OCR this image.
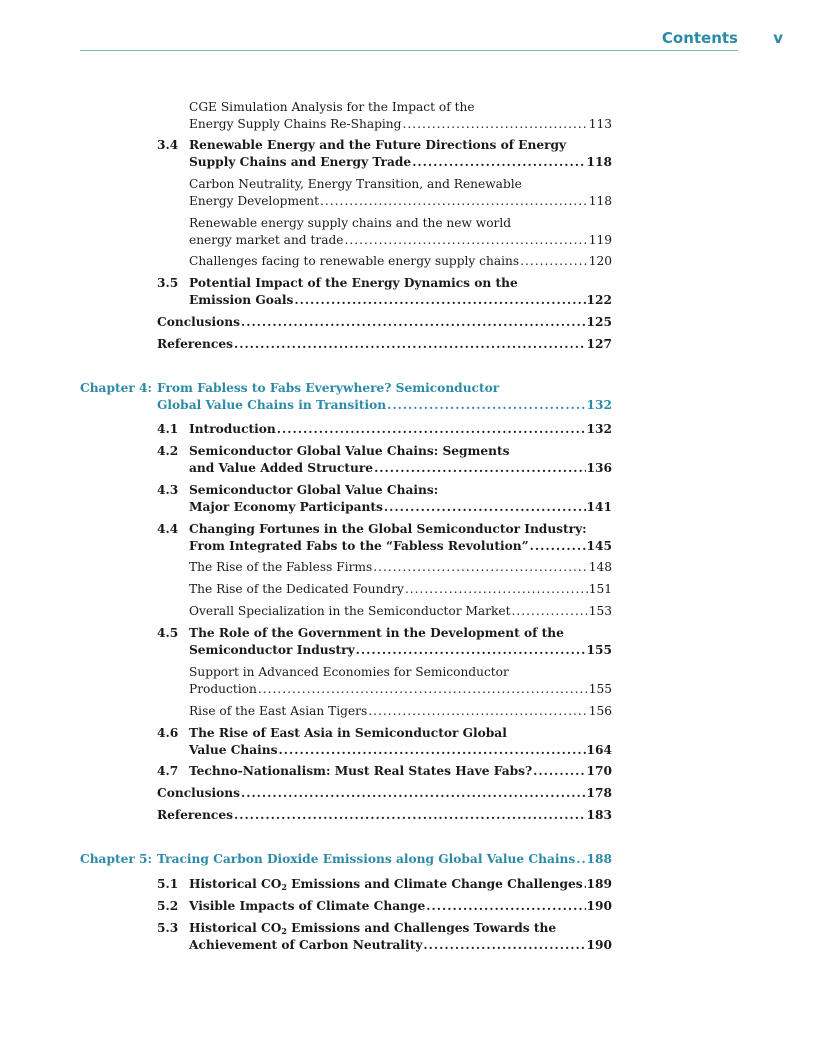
Contents v
CGE Simulation Analysis for the Impact of the
Energy Supply Chains Re-Shaping .....	113
3.4 Renewable Energy and the Future Directions of Energy
Supply Chains and Energy Trade .....	118
Carbon Neutrality, Energy Transition, and Renewable
Energy Development .....	118
Renewable energy supply chains and the new world
energy market and trade .....	119
Challenges facing to renewable energy supply chains .....	120
3.5 Potential Impact of the Energy Dynamics on the
Emission Goals .....	122
Conclusions .....	125
References .....	127
Chapter 4: From Fabless to Fabs Everywhere? Semiconductor
Global Value Chains in Transition .....	132
4.1 Introduction .....	132
4.2 Semiconductor Global Value Chains: Segments
and Value Added Structure .....	136
4.3 Semiconductor Global Value Chains:
Major Economy Participants .....	141
4.4 Changing Fortunes in the Global Semiconductor Industry:
From Integrated Fabs to the “Fabless Revolution” .....	145
The Rise of the Fabless Firms .....	148
The Rise of the Dedicated Foundry .....	151
Overall Specialization in the Semiconductor Market .....	153
4.5 The Role of the Government in the Development of the
Semiconductor Industry .....	155
Support in Advanced Economies for Semiconductor
Production .....	155
Rise of the East Asian Tigers .....	156
4.6 The Rise of East Asia in Semiconductor Global
Value Chains .....	164
4.7 Techno-Nationalism: Must Real States Have Fabs? .....	170
Conclusions .....	178
References .....	183
Chapter 5: Tracing Carbon Dioxide Emissions along Global Value Chains ..... 188
5.1 Historical $CO_2$ Emissions and Climate Change Challenges ..... 189
5.2 Visible Impacts of Climate Change .....	190
5.3 Historical $CO_2$ Emissions and Challenges Towards the
Achievement of Carbon Neutrality .....	190
